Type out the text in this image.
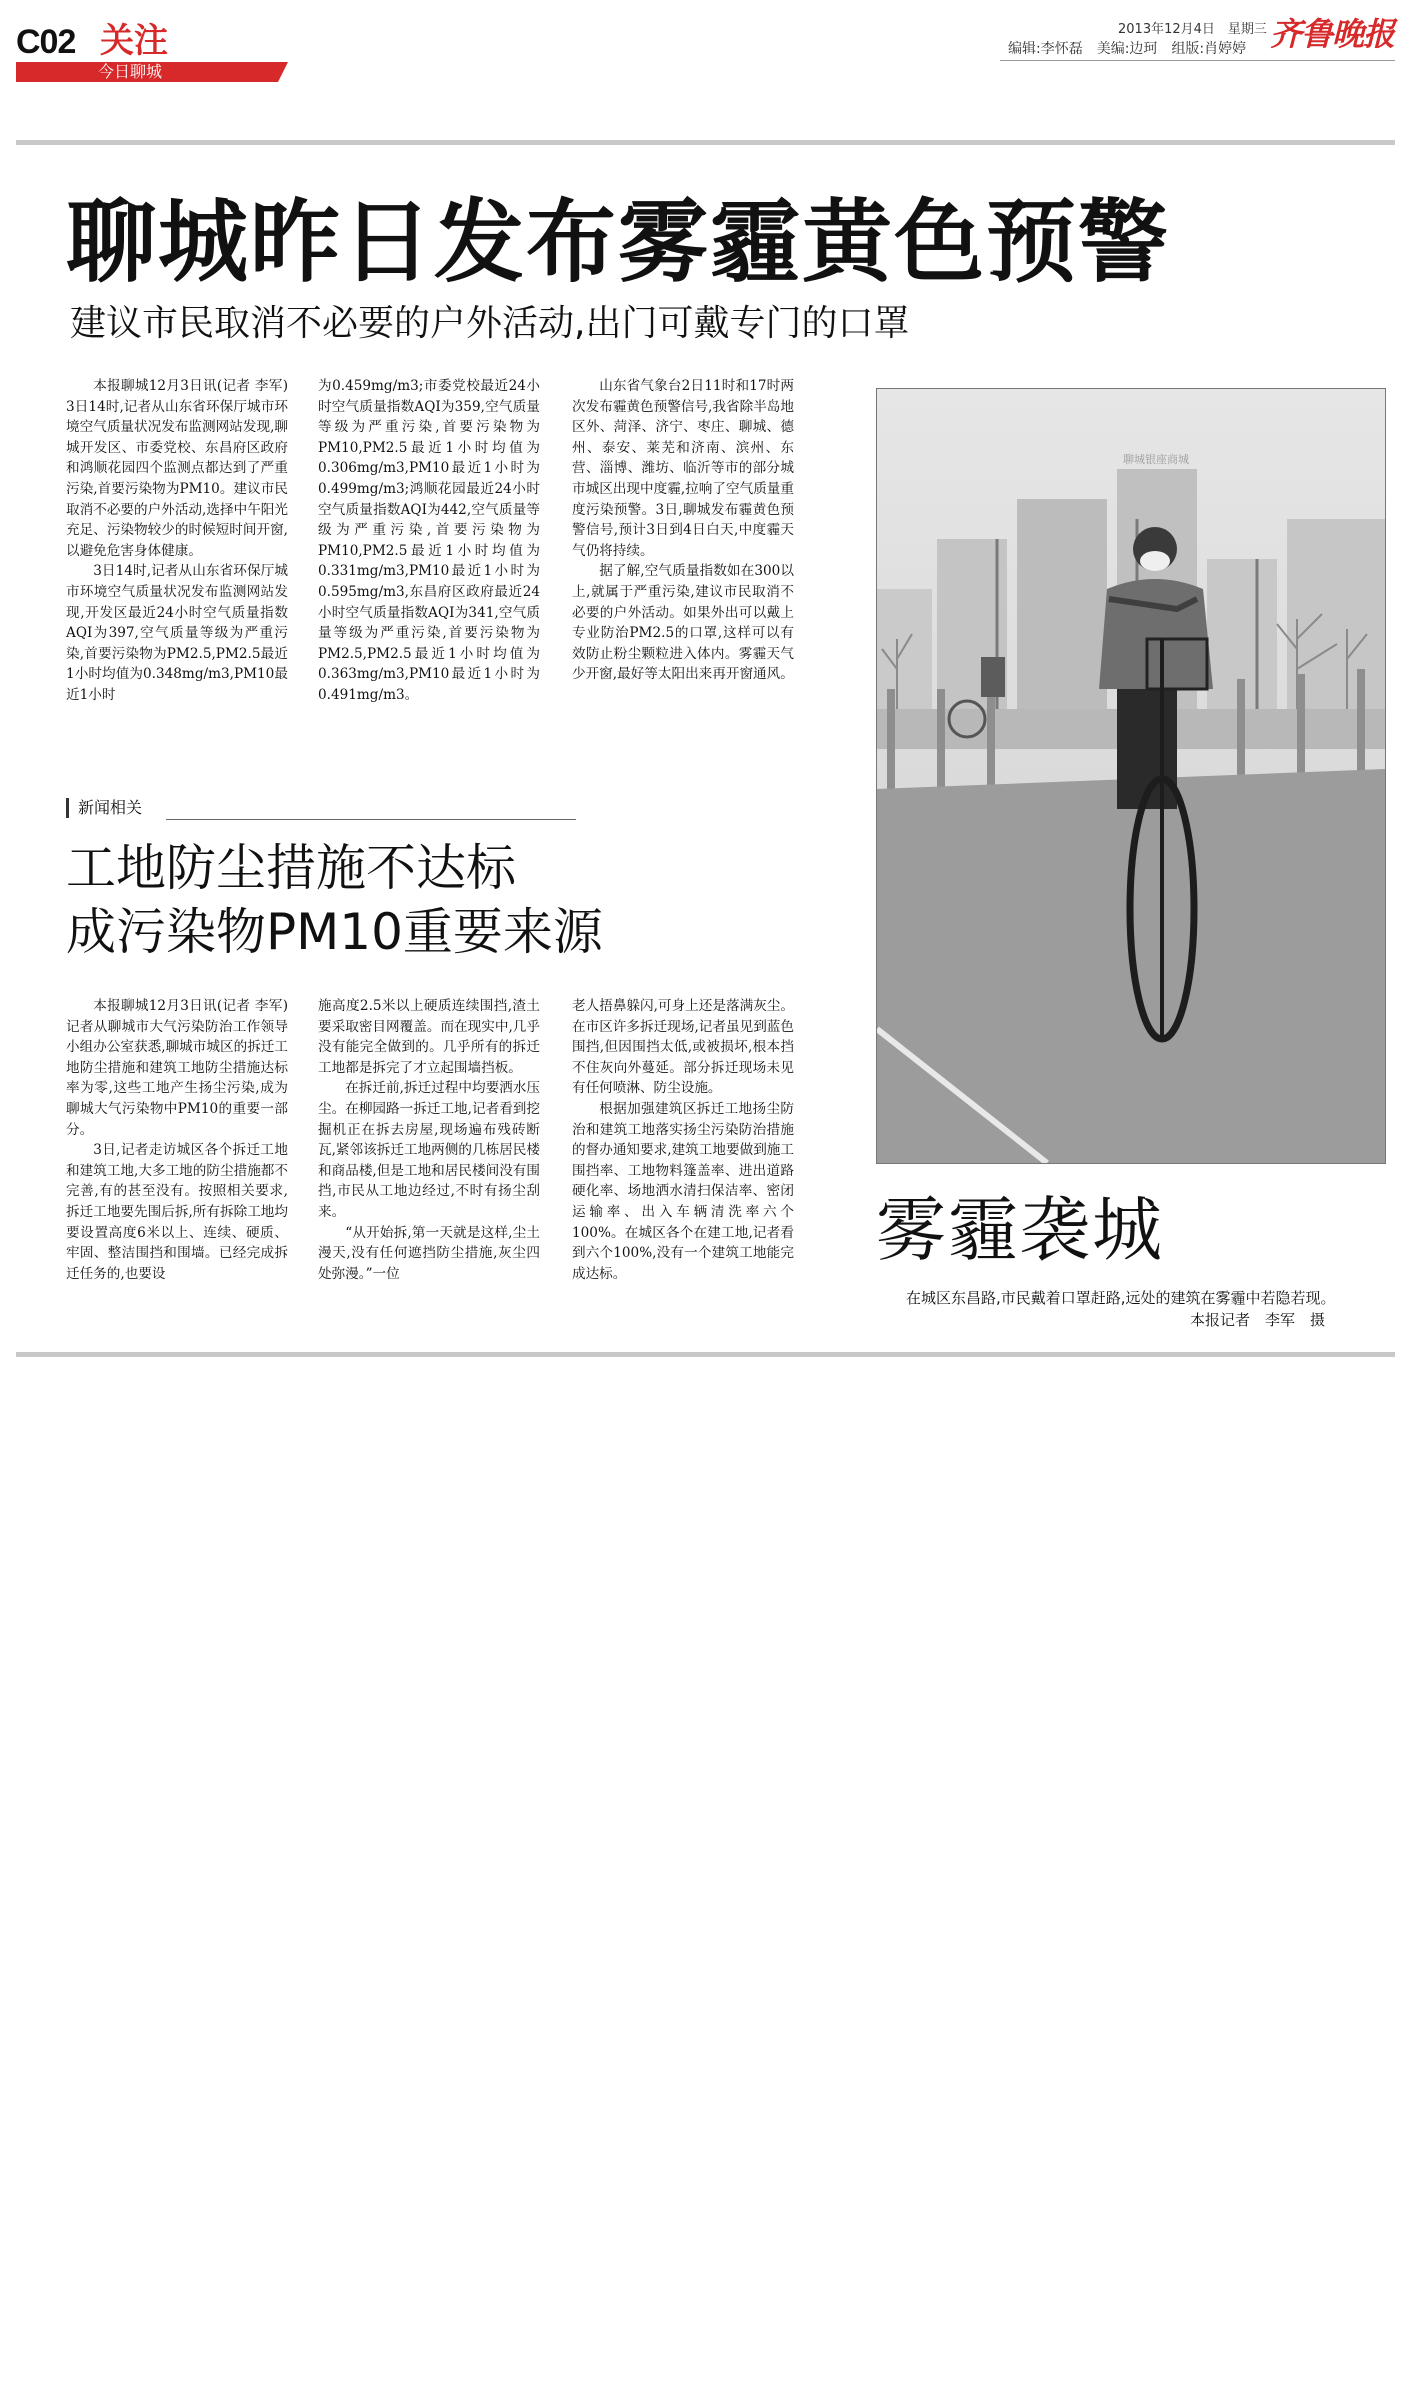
C02 关注
今日聊城
2013年12月4日　星期三
编辑:李怀磊 美编:边珂 组版:肖婷婷 齐鲁晚报
聊城昨日发布雾霾黄色预警
建议市民取消不必要的户外活动,出门可戴专门的口罩

本报聊城12月3日讯(记者 李军) 3日14时,记者从山东省环保厅城市环境空气质量状况发布监测网站发现,聊城开发区、市委党校、东昌府区政府和鸿顺花园四个监测点都达到了严重污染,首要污染物为PM10。建议市民取消不必要的户外活动,选择中午阳光充足、污染物较少的时候短时间开窗,以避免危害身体健康。

3日14时,记者从山东省环保厅城市环境空气质量状况发布监测网站发现,开发区最近24小时空气质量指数AQI为397,空气质量等级为严重污染,首要污染物为PM2.5,PM2.5最近1小时均值为0.348mg/m3,PM10最近1小时

为0.459mg/m3;市委党校最近24小时空气质量指数AQI为359,空气质量等级为严重污染,首要污染物为PM10,PM2.5最近1小时均值为0.306mg/m3,PM10最近1小时为0.499mg/m3;鸿顺花园最近24小时空气质量指数AQI为442,空气质量等级为严重污染,首要污染物为PM10,PM2.5最近1小时均值为0.331mg/m3,PM10最近1小时为0.595mg/m3,东昌府区政府最近24小时空气质量指数AQI为341,空气质量等级为严重污染,首要污染物为PM2.5,PM2.5最近1小时均值为0.363mg/m3,PM10最近1小时为0.491mg/m3。

山东省气象台2日11时和17时两次发布霾黄色预警信号,我省除半岛地区外、菏泽、济宁、枣庄、聊城、德州、泰安、莱芜和济南、滨州、东营、淄博、潍坊、临沂等市的部分城市城区出现中度霾,拉响了空气质量重度污染预警。3日,聊城发布霾黄色预警信号,预计3日到4日白天,中度霾天气仍将持续。

据了解,空气质量指数如在300以上,就属于严重污染,建议市民取消不必要的户外活动。如果外出可以戴上专业防治PM2.5的口罩,这样可以有效防止粉尘颗粒进入体内。雾霾天气少开窗,最好等太阳出来再开窗通风。

新闻相关
工地防尘措施不达标
成污染物PM10重要来源

本报聊城12月3日讯(记者 李军) 记者从聊城市大气污染防治工作领导小组办公室获悉,聊城市城区的拆迁工地防尘措施和建筑工地防尘措施达标率为零,这些工地产生扬尘污染,成为聊城大气污染物中PM10的重要一部分。

3日,记者走访城区各个拆迁工地和建筑工地,大多工地的防尘措施都不完善,有的甚至没有。按照相关要求,拆迁工地要先围后拆,所有拆除工地均要设置高度6米以上、连续、硬质、牢固、整洁围挡和围墙。已经完成拆迁任务的,也要设

施高度2.5米以上硬质连续围挡,渣土要采取密目网覆盖。而在现实中,几乎没有能完全做到的。几乎所有的拆迁工地都是拆完了才立起围墙挡板。

在拆迁前,拆迁过程中均要洒水压尘。在柳园路一拆迁工地,记者看到挖掘机正在拆去房屋,现场遍布残砖断瓦,紧邻该拆迁工地两侧的几栋居民楼和商品楼,但是工地和居民楼间没有围挡,市民从工地边经过,不时有扬尘刮来。

“从开始拆,第一天就是这样,尘土漫天,没有任何遮挡防尘措施,灰尘四处弥漫。”一位

老人捂鼻躲闪,可身上还是落满灰尘。在市区许多拆迁现场,记者虽见到蓝色围挡,但因围挡太低,或被损坏,根本挡不住灰向外蔓延。部分拆迁现场未见有任何喷淋、防尘设施。

根据加强建筑区拆迁工地扬尘防治和建筑工地落实扬尘污染防治措施的督办通知要求,建筑工地要做到施工围挡率、工地物料篷盖率、进出道路硬化率、场地洒水清扫保洁率、密闭运输率、出入车辆清洗率六个100%。在城区各个在建工地,记者看到六个100%,没有一个建筑工地能完成达标。

聊城银座商城
雾霾袭城
在城区东昌路,市民戴着口罩赶路,远处的建筑在雾霾中若隐若现。
本报记者　李军　摄
